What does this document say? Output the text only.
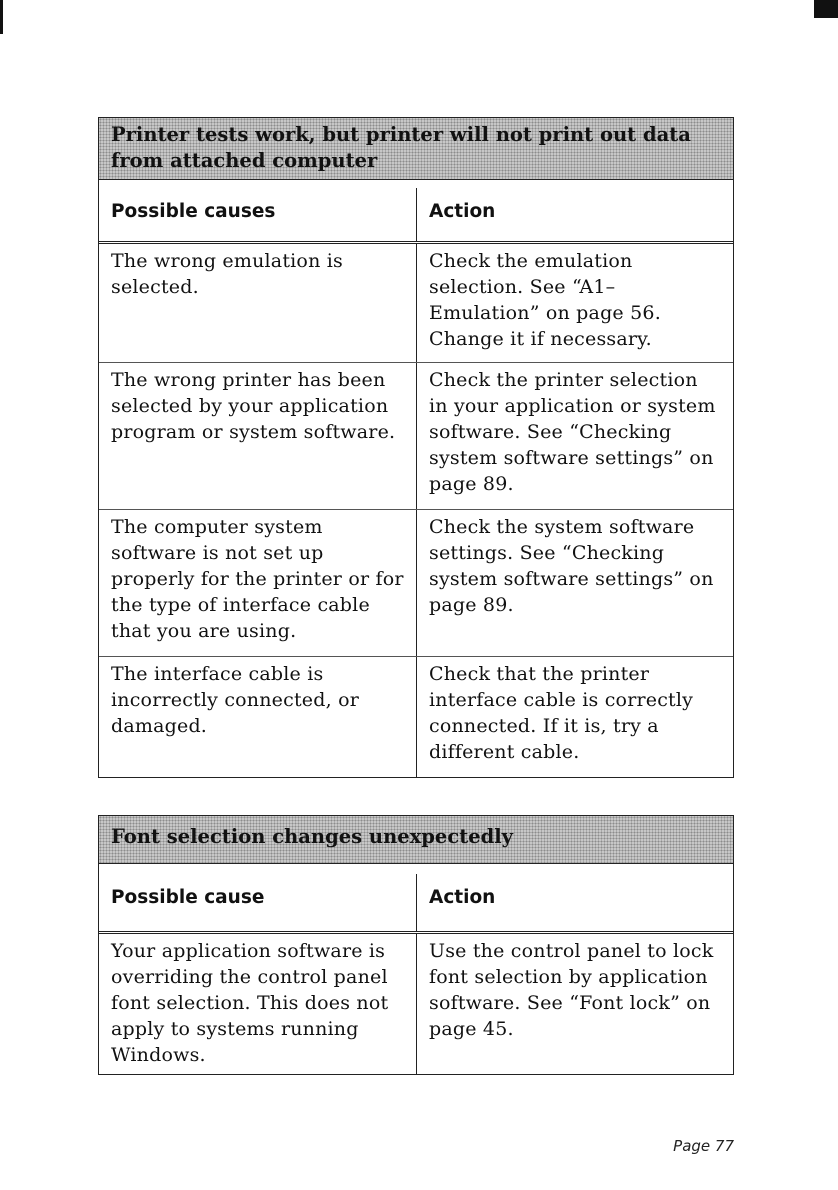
Printer tests work, but printer will not print out data from attached computer
Possible causes	Action
The wrong emulation is selected.
Check the emulation selection. See “A1– Emulation” on page 56. Change it if necessary.
The wrong printer has been selected by your application program or system software.
Check the printer selection in your application or system software. See “Checking system software settings” on page 89.
The computer system software is not set up properly for the printer or for the type of interface cable that you are using.
Check the system software settings. See “Checking system software settings” on page 89.
The interface cable is incorrectly connected, or damaged.
Check that the printer interface cable is correctly connected. If it is, try a different cable.
Font selection changes unexpectedly
Possible cause	Action
Your application software is overriding the control panel font selection. This does not apply to systems running Windows.
Use the control panel to lock font selection by application software. See “Font lock” on page 45.
Page 77
